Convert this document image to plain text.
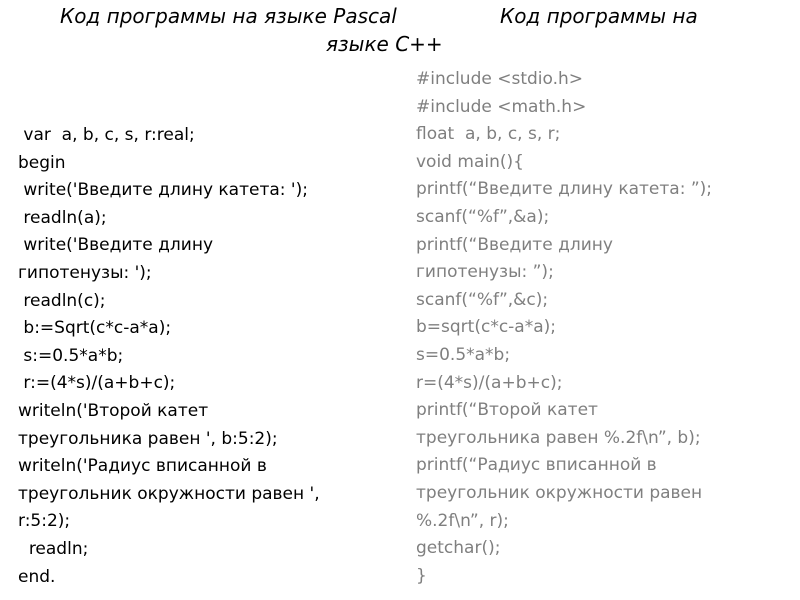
Код программы на языке Pascal	Код программы на
языке С++

var  a, b, c, s, r:real;

begin

write('Введите длину катета: ');

readln(a);

write('Введите длину
гипотенузы: ');

readln(c);

b:=Sqrt(c*c-a*a);

s:=0.5*a*b;

r:=(4*s)/(a+b+c);

writeln('Второй катет
треугольника равен ', b:5:2);

writeln('Радиус вписанной в
треугольник окружности равен ',
r:5:2);

readln;

end.

#include <stdio.h>

#include <math.h>

float  a, b, c, s, r;

void main(){

printf(“Введите длину катета: ”);

scanf(“%f”,&a);

printf(“Введите длину
гипотенузы: ”);

scanf(“%f”,&c);

b=sqrt(c*c-a*a);

s=0.5*a*b;

r=(4*s)/(a+b+c);

printf(“Второй катет
треугольника равен %.2f\n”, b);

printf(“Радиус вписанной в
треугольник окружности равен
%.2f\n”, r);

getchar();

}
